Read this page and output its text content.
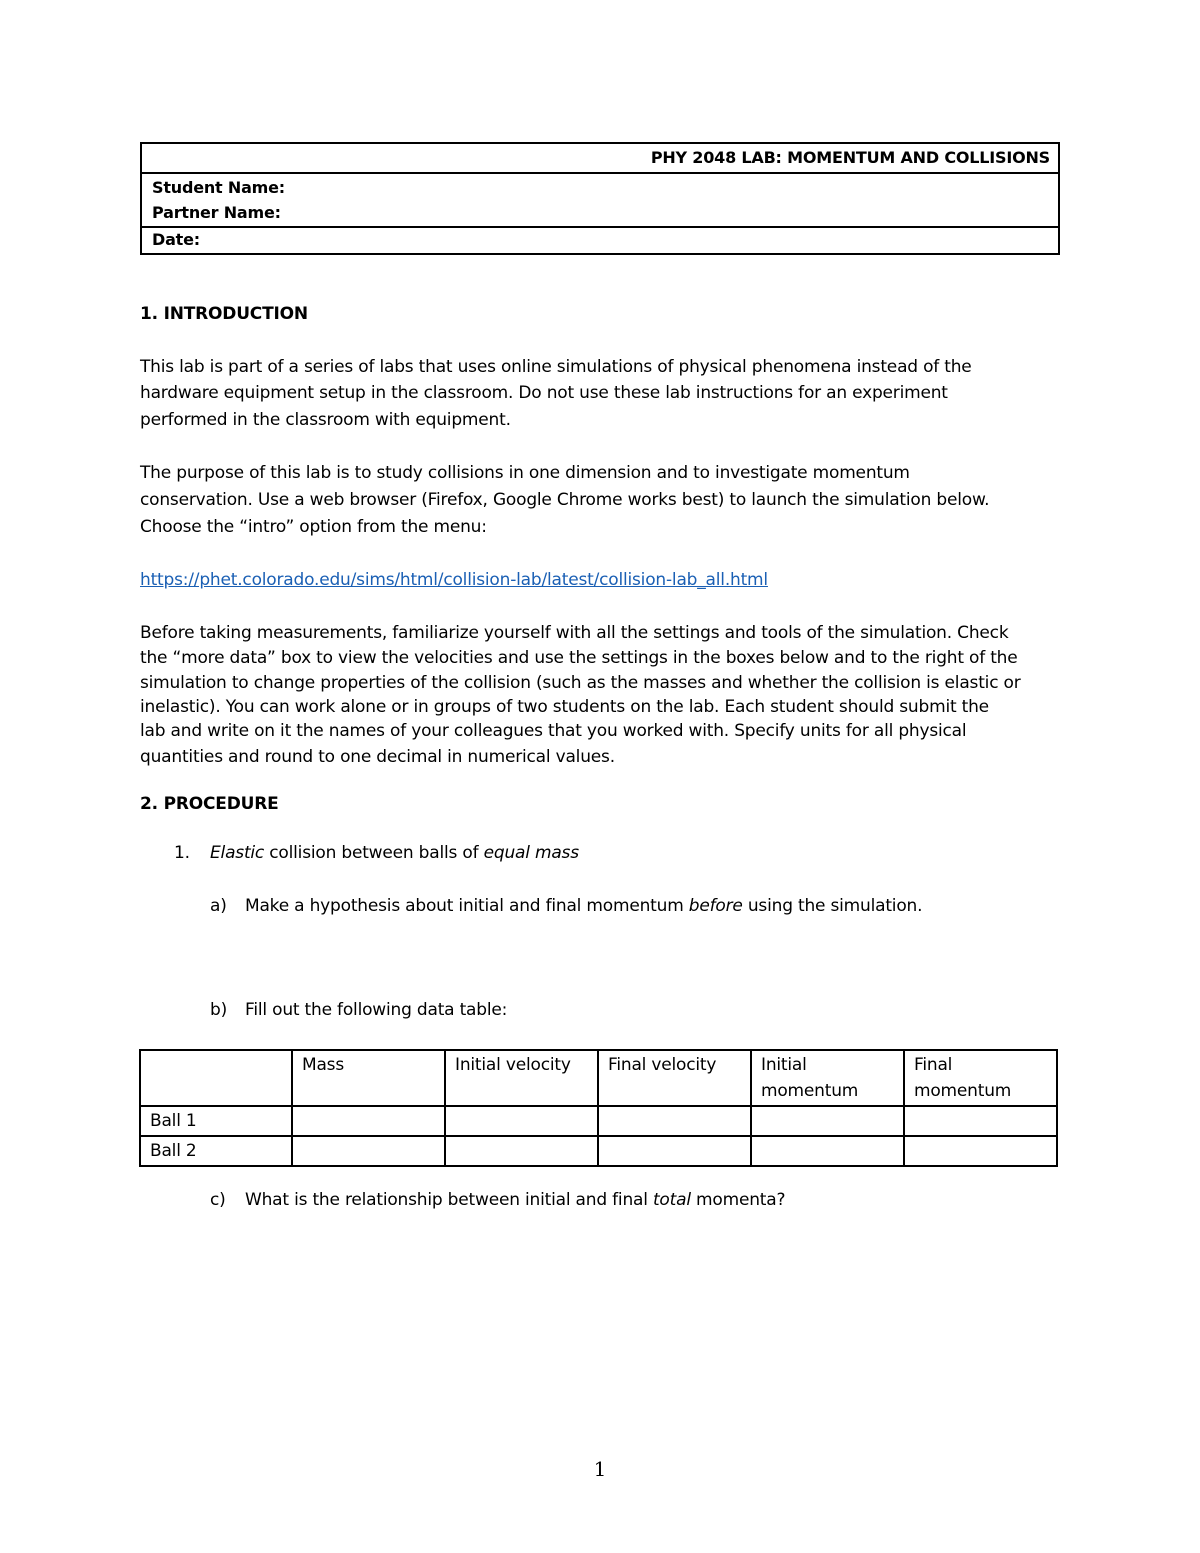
PHY 2048 LAB: MOMENTUM AND COLLISIONS
Student Name:
Partner Name:
Date:
1. INTRODUCTION
This lab is part of a series of labs that uses online simulations of physical phenomena instead of the
hardware equipment setup in the classroom. Do not use these lab instructions for an experiment
performed in the classroom with equipment.
The purpose of this lab is to study collisions in one dimension and to investigate momentum
conservation. Use a web browser (Firefox, Google Chrome works best) to launch the simulation below.
Choose the “intro” option from the menu:
https://phet.colorado.edu/sims/html/collision-lab/latest/collision-lab_all.html
Before taking measurements, familiarize yourself with all the settings and tools of the simulation. Check
the “more data” box to view the velocities and use the settings in the boxes below and to the right of the
simulation to change properties of the collision (such as the masses and whether the collision is elastic or
inelastic). You can work alone or in groups of two students on the lab. Each student should submit the
lab and write on it the names of your colleagues that you worked with. Specify units for all physical
quantities and round to one decimal in numerical values.
2. PROCEDURE
1. Elastic collision between balls of equal mass
a) Make a hypothesis about initial and final momentum before using the simulation.
b) Fill out the following data table:
	Mass	Initial velocity	Final velocity	Initial momentum	Final momentum
Ball 1					
Ball 2					
c) What is the relationship between initial and final total momenta?
1
